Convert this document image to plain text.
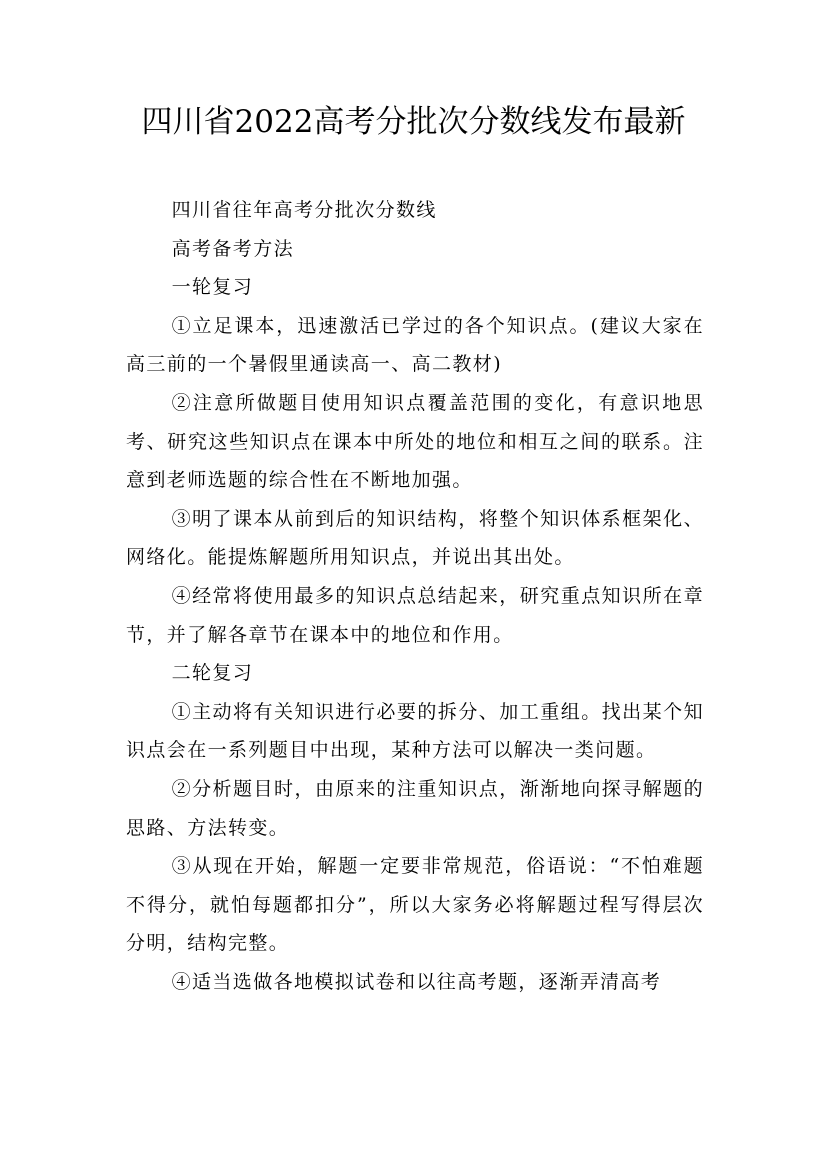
四川省2022高考分批次分数线发布最新

四川省往年高考分批次分数线

高考备考方法

一轮复习

①立足课本，迅速激活已学过的各个知识点。(建议大家在高三前的一个暑假里通读高一、高二教材)

②注意所做题目使用知识点覆盖范围的变化，有意识地思考、研究这些知识点在课本中所处的地位和相互之间的联系。注意到老师选题的综合性在不断地加强。

③明了课本从前到后的知识结构，将整个知识体系框架化、网络化。能提炼解题所用知识点，并说出其出处。

④经常将使用最多的知识点总结起来，研究重点知识所在章节，并了解各章节在课本中的地位和作用。

二轮复习

①主动将有关知识进行必要的拆分、加工重组。找出某个知识点会在一系列题目中出现，某种方法可以解决一类问题。

②分析题目时，由原来的注重知识点，渐渐地向探寻解题的思路、方法转变。

③从现在开始，解题一定要非常规范，俗语说：“不怕难题不得分，就怕每题都扣分”，所以大家务必将解题过程写得层次分明，结构完整。

④适当选做各地模拟试卷和以往高考题，逐渐弄清高考
